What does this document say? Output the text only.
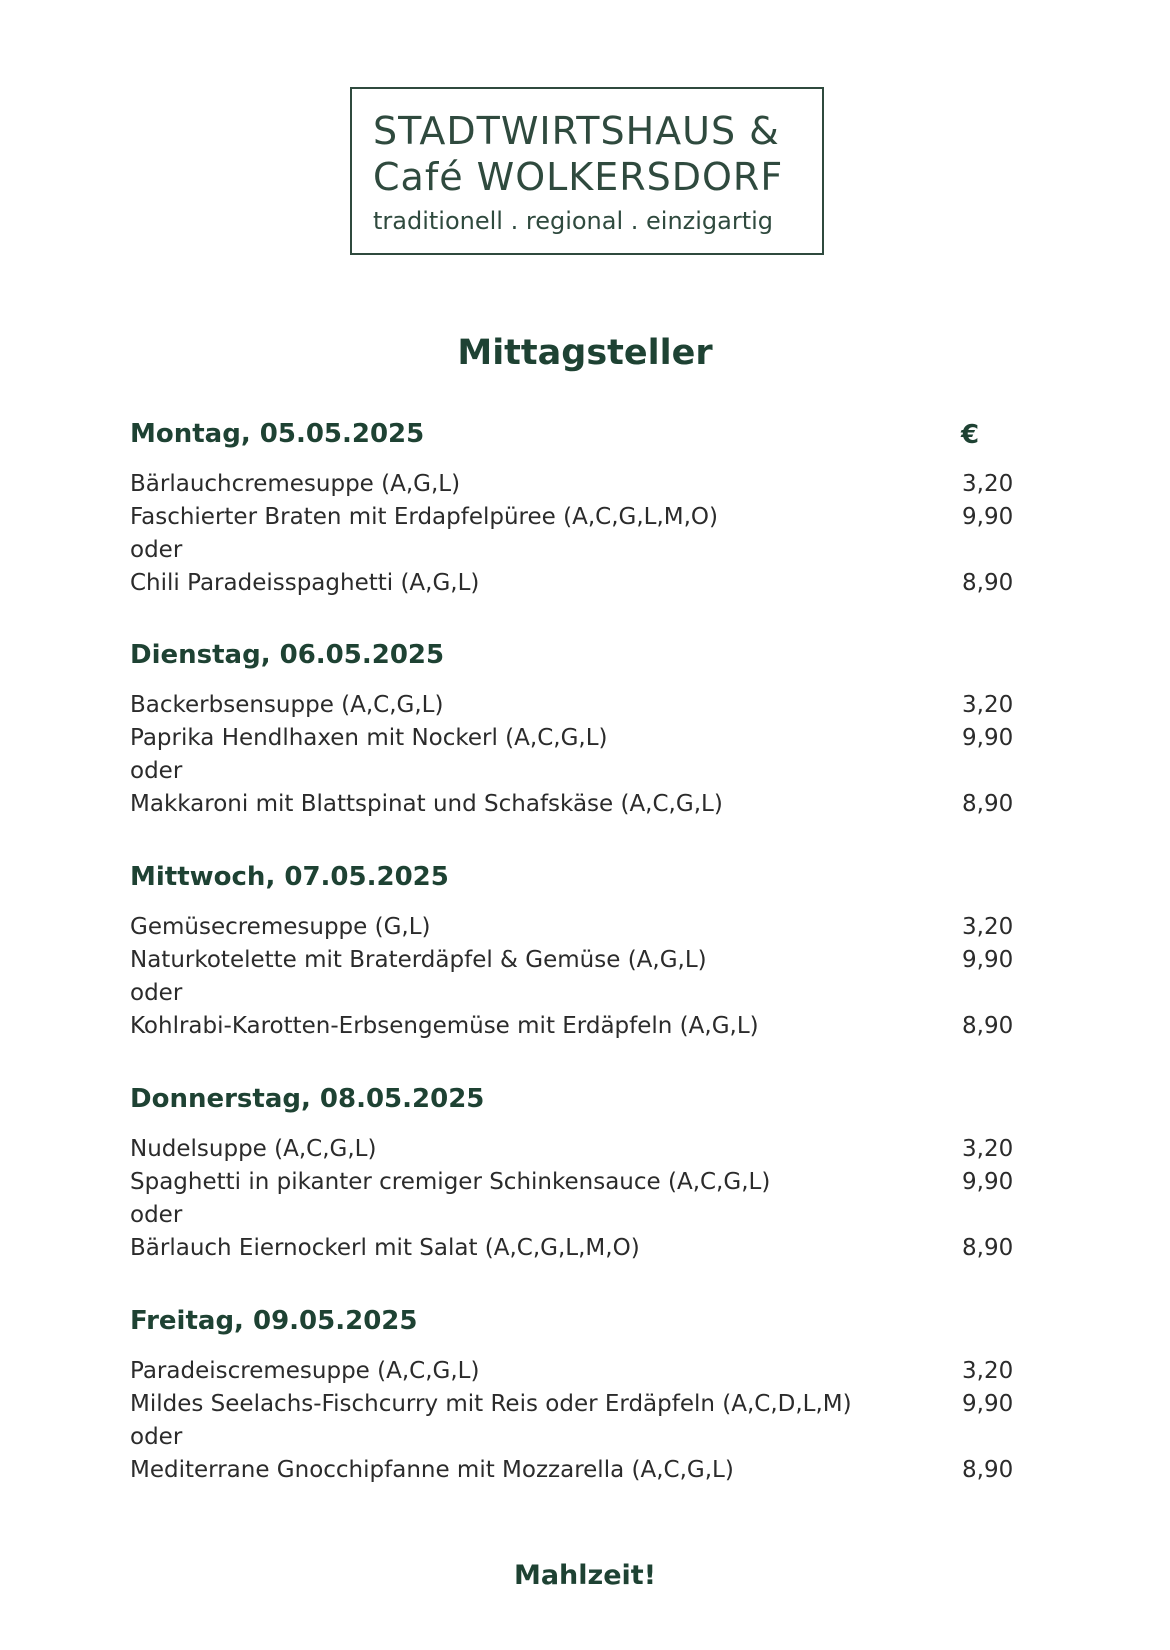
STADTWIRTSHAUS &
Café WOLKERSDORF
traditionell . regional . einzigartig
Mittagsteller
€
Montag, 05.05.2025
Bärlauchcremesuppe (A,G,L)	3,20
Faschierter Braten mit Erdapfelpüree (A,C,G,L,M,O)	9,90
oder
Chili Paradeisspaghetti (A,G,L)	8,90
Dienstag, 06.05.2025
Backerbsensuppe (A,C,G,L)	3,20
Paprika Hendlhaxen mit Nockerl (A,C,G,L)	9,90
oder
Makkaroni mit Blattspinat und Schafskäse (A,C,G,L)	8,90
Mittwoch, 07.05.2025
Gemüsecremesuppe (G,L)	3,20
Naturkotelette mit Braterdäpfel & Gemüse (A,G,L)	9,90
oder
Kohlrabi-Karotten-Erbsengemüse mit Erdäpfeln (A,G,L)	8,90
Donnerstag, 08.05.2025
Nudelsuppe (A,C,G,L)	3,20
Spaghetti in pikanter cremiger Schinkensauce (A,C,G,L)	9,90
oder
Bärlauch Eiernockerl mit Salat (A,C,G,L,M,O)	8,90
Freitag, 09.05.2025
Paradeiscremesuppe (A,C,G,L)	3,20
Mildes Seelachs-Fischcurry mit Reis oder Erdäpfeln (A,C,D,L,M)	9,90
oder
Mediterrane Gnocchipfanne mit Mozzarella (A,C,G,L)	8,90
Mahlzeit!
